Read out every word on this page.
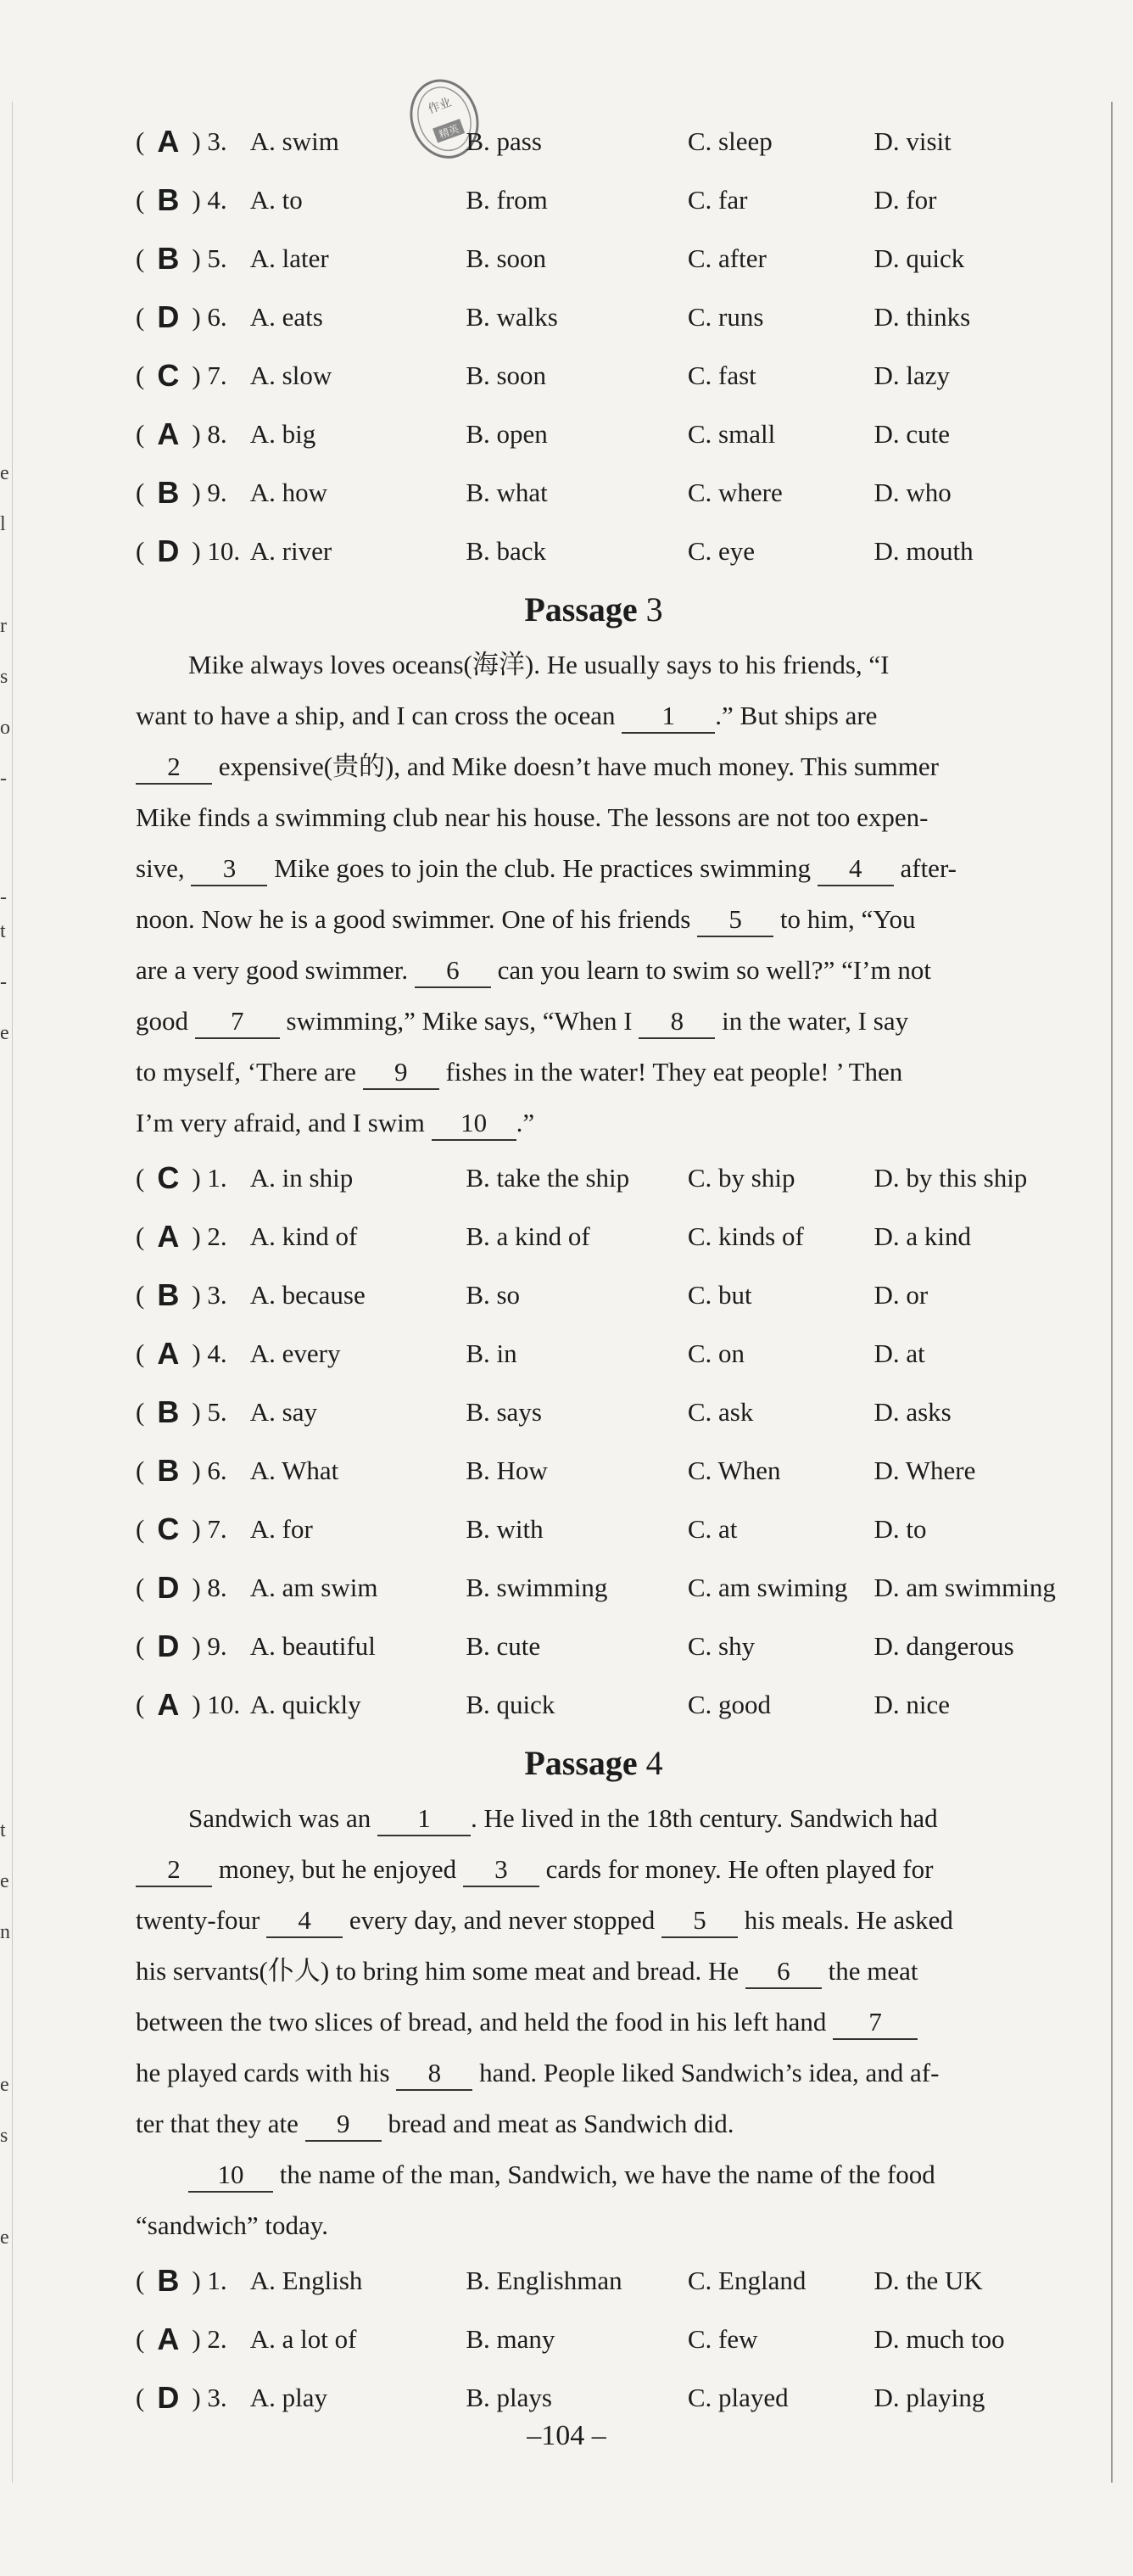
e
l
r
s
o
-
-
t
-
e
t
e
n
e
s
e
作业
精英
( A ) 3. A. swim	B. pass	C. sleep	D. visit
( B ) 4. A. to	B. from	C. far	D. for
( B ) 5. A. later	B. soon	C. after	D. quick
( D ) 6. A. eats	B. walks	C. runs	D. thinks
( C ) 7. A. slow	B. soon	C. fast	D. lazy
( A ) 8. A. big	B. open	C. small	D. cute
( B ) 9. A. how	B. what	C. where	D. who
( D ) 10. A. river	B. back	C. eye	D. mouth
Passage 3
Mike always loves oceans(海洋). He usually says to his friends, “I
want to have a ship, and I can cross the ocean 1 .” But ships are
2 expensive(贵的), and Mike doesn’t have much money. This summer
Mike finds a swimming club near his house. The lessons are not too expen-
sive, 3 Mike goes to join the club. He practices swimming 4 after-
noon. Now he is a good swimmer. One of his friends 5 to him, “You
are a very good swimmer. 6 can you learn to swim so well?” “I’m not
good 7 swimming,” Mike says, “When I 8 in the water, I say
to myself, ‘There are 9 fishes in the water! They eat people! ’ Then
I’m very afraid, and I swim 10 .”
( C ) 1. A. in ship	B. take the ship	C. by ship	D. by this ship
( A ) 2. A. kind of	B. a kind of	C. kinds of	D. a kind
( B ) 3. A. because	B. so	C. but	D. or
( A ) 4. A. every	B. in	C. on	D. at
( B ) 5. A. say	B. says	C. ask	D. asks
( B ) 6. A. What	B. How	C. When	D. Where
( C ) 7. A. for	B. with	C. at	D. to
( D ) 8. A. am swim	B. swimming	C. am swiming	D. am swimming
( D ) 9. A. beautiful	B. cute	C. shy	D. dangerous
( A ) 10. A. quickly	B. quick	C. good	D. nice
Passage 4
Sandwich was an 1 . He lived in the 18th century. Sandwich had
2 money, but he enjoyed 3 cards for money. He often played for
twenty-four 4 every day, and never stopped 5 his meals. He asked
his servants(仆人) to bring him some meat and bread. He 6 the meat
between the two slices of bread, and held the food in his left hand 7
he played cards with his 8 hand. People liked Sandwich’s idea, and af-
ter that they ate 9 bread and meat as Sandwich did.
10 the name of the man, Sandwich, we have the name of the food
“sandwich” today.
( B ) 1. A. English	B. Englishman	C. England	D. the UK
( A ) 2. A. a lot of	B. many	C. few	D. much too
( D ) 3. A. play	B. plays	C. played	D. playing
–104 –
